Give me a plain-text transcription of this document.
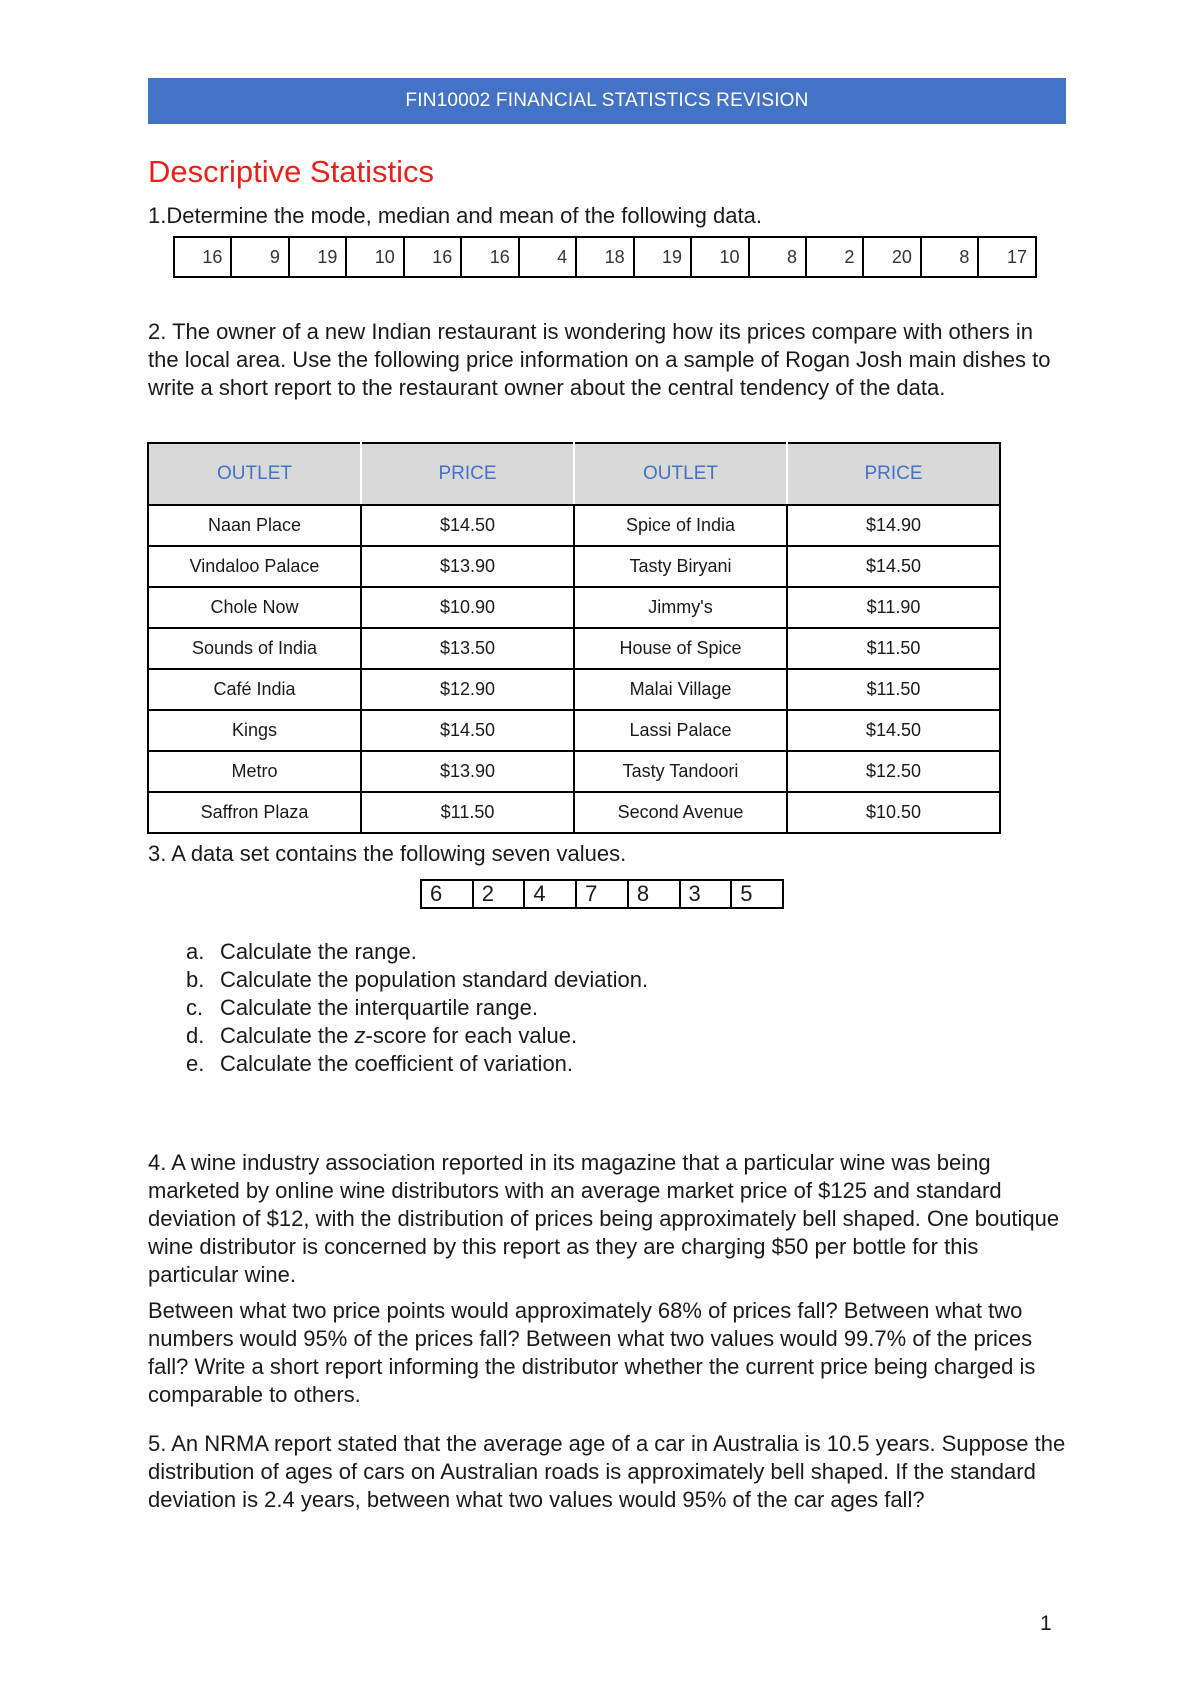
FIN10002 FINANCIAL STATISTICS REVISION
Descriptive Statistics

1.Determine the mode, median and mean of the following data.

16	9	19	10	16	16	4	18	19	10	8	2	20	8	17

2. The owner of a new Indian restaurant is wondering how its prices compare with others in the local area. Use the following price information on a sample of Rogan Josh main dishes to write a short report to the restaurant owner about the central tendency of the data.

OUTLET	PRICE	OUTLET	PRICE
Naan Place	$14.50	Spice of India	$14.90
Vindaloo Palace	$13.90	Tasty Biryani	$14.50
Chole Now	$10.90	Jimmy's	$11.90
Sounds of India	$13.50	House of Spice	$11.50
Café India	$12.90	Malai Village	$11.50
Kings	$14.50	Lassi Palace	$14.50
Metro	$13.90	Tasty Tandoori	$12.50
Saffron Plaza	$11.50	Second Avenue	$10.50

3. A data set contains the following seven values.

6	2	4	7	8	3	5
a. Calculate the range.
b. Calculate the population standard deviation.
c. Calculate the interquartile range.
d. Calculate the z-score for each value.
e. Calculate the coefficient of variation.

4. A wine industry association reported in its magazine that a particular wine was being marketed by online wine distributors with an average market price of $125 and standard deviation of $12, with the distribution of prices being approximately bell shaped. One boutique wine distributor is concerned by this report as they are charging $50 per bottle for this particular wine.

Between what two price points would approximately 68% of prices fall? Between what two numbers would 95% of the prices fall? Between what two values would 99.7% of the prices fall? Write a short report informing the distributor whether the current price being charged is comparable to others.

5. An NRMA report stated that the average age of a car in Australia is 10.5 years. Suppose the distribution of ages of cars on Australian roads is approximately bell shaped. If the standard deviation is 2.4 years, between what two values would 95% of the car ages fall?

1
